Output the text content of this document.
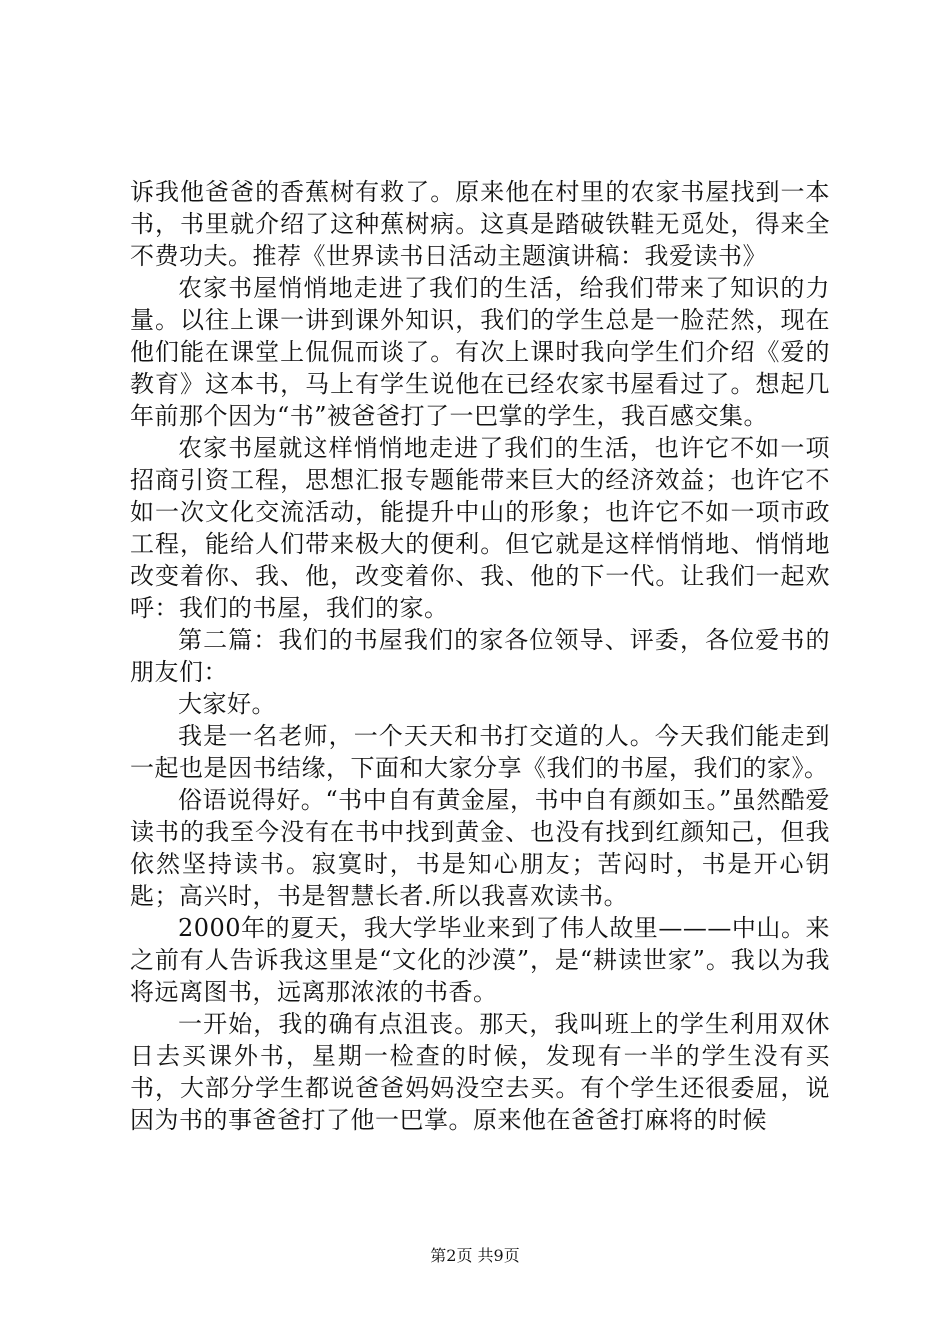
诉我他爸爸的香蕉树有救了。原来他在村里的农家书屋找到一本书，书里就介绍了这种蕉树病。这真是踏破铁鞋无觅处，得来全不费功夫。推荐《世界读书日活动主题演讲稿：我爱读书》

农家书屋悄悄地走进了我们的生活，给我们带来了知识的力量。以往上课一讲到课外知识，我们的学生总是一脸茫然，现在他们能在课堂上侃侃而谈了。有次上课时我向学生们介绍《爱的教育》这本书，马上有学生说他在已经农家书屋看过了。想起几年前那个因为“书”被爸爸打了一巴掌的学生，我百感交集。

农家书屋就这样悄悄地走进了我们的生活，也许它不如一项招商引资工程，思想汇报专题能带来巨大的经济效益；也许它不如一次文化交流活动，能提升中山的形象；也许它不如一项市政工程，能给人们带来极大的便利。但它就是这样悄悄地、悄悄地改变着你、我、他，改变着你、我、他的下一代。让我们一起欢呼：我们的书屋，我们的家。

第二篇：我们的书屋我们的家各位领导、评委，各位爱书的朋友们：

大家好。

我是一名老师，一个天天和书打交道的人。今天我们能走到一起也是因书结缘，下面和大家分享《我们的书屋，我们的家》。

俗语说得好。“书中自有黄金屋，书中自有颜如玉。”虽然酷爱读书的我至今没有在书中找到黄金、也没有找到红颜知己，但我依然坚持读书。寂寞时，书是知心朋友；苦闷时，书是开心钥匙；高兴时，书是智慧长者.所以我喜欢读书。

2000年的夏天，我大学毕业来到了伟人故里———中山。来之前有人告诉我这里是“文化的沙漠”，是“耕读世家”。我以为我将远离图书，远离那浓浓的书香。

一开始，我的确有点沮丧。那天，我叫班上的学生利用双休日去买课外书，星期一检查的时候，发现有一半的学生没有买书，大部分学生都说爸爸妈妈没空去买。有个学生还很委屈，说因为书的事爸爸打了他一巴掌。原来他在爸爸打麻将的时候

第2页 共9页
